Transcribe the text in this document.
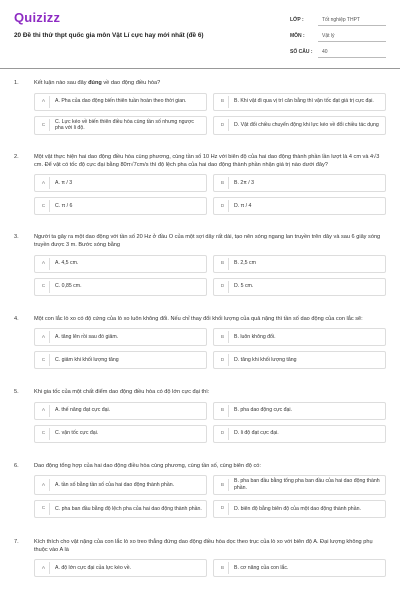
Quizizz
20 Đề thi thử thpt quốc gia môn Vật Lí cực hay mới nhất (đề 6)
LỚP :	Tốt nghiệp THPT
MÔN :	Vật lý
SỐ CÂU :	40
1.	Kết luận nào sau đây đúng về dao động điều hòa?
A	A. Pha của dao động biến thiên tuần hoàn theo thời gian.	B	B. Khi vật đi qua vị trí cân bằng thì vận tốc đạt giá trị cực đại.
C
C. Lực kéo về biến thiên điều hòa cùng tần số nhưng ngược pha với li độ.	D	D. Vật đổi chiều chuyển động khi lực kéo về đổi chiều tác dụng
2.	Một vật thực hiện hai dao động điều hòa cùng phương, cùng tần số 10 Hz với biên độ của hai dao động thành phần lần lượt là 4 cm và 4√3 cm. Để vật có tốc độ cực đại bằng 80π√7cm/s thì độ lệch pha của hai dao động thành phần nhận giá trị nào dưới đây?
A	A. π / 3	B	B. 2π / 3
C	C. π / 6	D	D. π / 4
3.	Người ta gây ra một dao động với tần số 20 Hz ở đầu O của một sợi dây rất dài, tạo nên sóng ngang lan truyền trên dây và sau 6 giây sóng truyền được 3 m. Bước sóng bằng
A	A. 4,5 cm.	B	B. 2,5 cm
C	C. 0,85 cm.	D	D. 5 cm.
4.	Một con lắc lò xo có độ cứng của lò xo luôn không đổi. Nếu chỉ thay đổi khối lượng của quả nặng thì tần số dao động của con lắc sẽ:
A	A. tăng lên rồi sau đó giảm.	B	B. luôn không đổi.
C	C. giảm khi khối lượng tăng	D	D. tăng khi khối lượng tăng
5.	Khi gia tốc của một chất điểm dao động điều hòa có độ lớn cực đại thì:
A	A. thế năng đạt cực đại.	B	B. pha dao động cực đại.
C	C. vận tốc cực đại.	D	D. li độ đạt cực đại.
6.	Dao động tổng hợp của hai dao động điều hòa cùng phương, cùng tần số, cùng biên độ có:
A	A. tần số bằng tần số của hai dao động thành phần.	B
B. pha ban đầu bằng tổng pha ban đầu của hai dao động thành phần.
C	C. pha ban đầu bằng độ lệch pha của hai dao động thành phần.	D	D. biên độ bằng biên độ của một dao động thành phần.
7.	Kích thích cho vật nặng của con lắc lò xo treo thẳng đứng dao động điều hòa dọc theo trục của lò xo với biên độ A. Đại lượng không phụ thuộc vào A là
A	A. độ lớn cực đại của lực kéo về.	B	B. cơ năng của con lắc.
